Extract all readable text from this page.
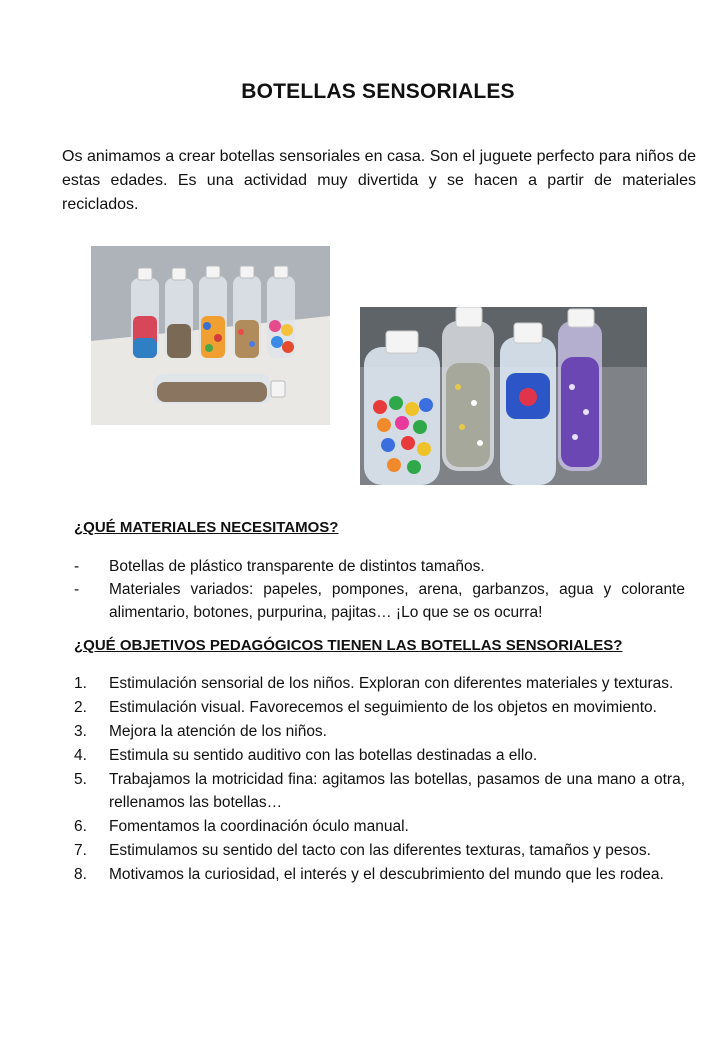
BOTELLAS SENSORIALES
Os animamos a crear botellas sensoriales en casa. Son el juguete perfecto para niños de estas edades. Es una actividad muy divertida y se hacen a partir de materiales reciclados.
¿QUÉ MATERIALES NECESITAMOS?
- Botellas de plástico transparente de distintos tamaños.
- Materiales variados: papeles, pompones, arena, garbanzos, agua y colorante alimentario, botones, purpurina, pajitas… ¡Lo que se os ocurra!
¿QUÉ OBJETIVOS PEDAGÓGICOS TIENEN LAS BOTELLAS SENSORIALES?
1. Estimulación sensorial de los niños. Exploran con diferentes materiales y texturas.
2. Estimulación visual. Favorecemos el seguimiento de los objetos en movimiento.
3. Mejora la atención de los niños.
4. Estimula su sentido auditivo con las botellas destinadas a ello.
5. Trabajamos la motricidad fina: agitamos las botellas, pasamos de una mano a otra, rellenamos las botellas…
6. Fomentamos la coordinación óculo manual.
7. Estimulamos su sentido del tacto con las diferentes texturas, tamaños y pesos.
8. Motivamos la curiosidad, el interés y el descubrimiento del mundo que les rodea.
